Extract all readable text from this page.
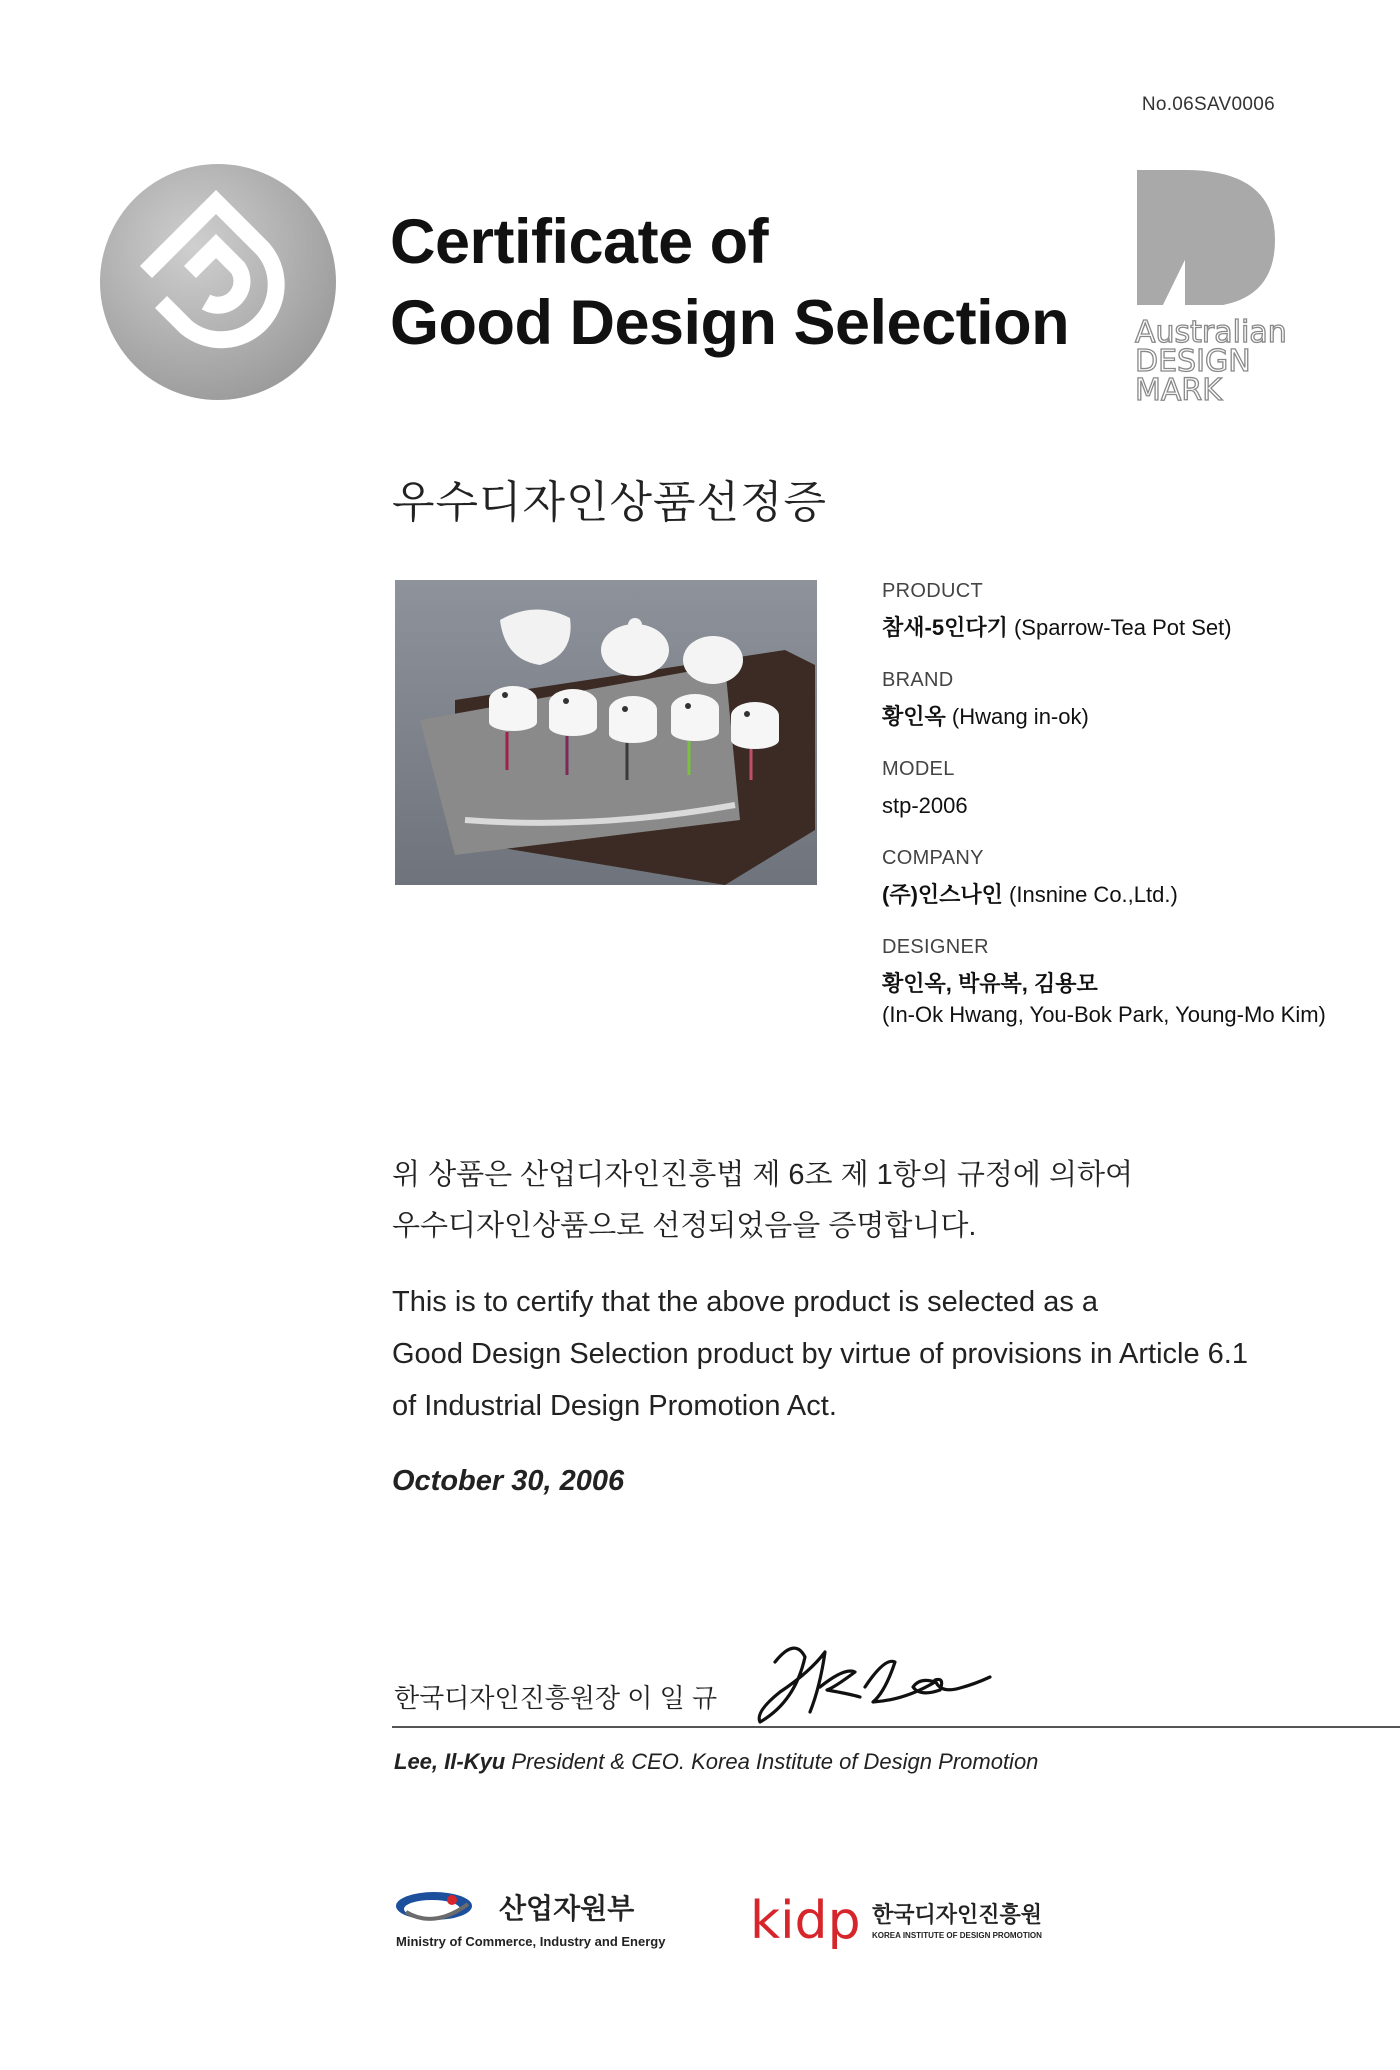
No.06SAV0006
Certificate of
Good Design Selection Australian
DESIGN
MARK
우수디자인상품선정증
PRODUCT
참새-5인다기 (Sparrow-Tea Pot Set)
BRAND
황인옥 (Hwang in-ok)
MODEL
stp-2006
COMPANY
(주)인스나인 (Insnine Co.,Ltd.)
DESIGNER
황인옥, 박유복, 김용모
(In-Ok Hwang, You-Bok Park, Young-Mo Kim)
위 상품은 산업디자인진흥법 제 6조 제 1항의 규정에 의하여
우수디자인상품으로 선정되었음을 증명합니다.
This is to certify that the above product is selected as a
Good Design Selection product by virtue of provisions in Article 6.1
of Industrial Design Promotion Act.
October 30, 2006
한국디자인진흥원장 이 일 규
Lee, Il-Kyu President & CEO. Korea Institute of Design Promotion
산업자원부
Ministry of Commerce, Industry and Energy kidp 한국디자인진흥원
KOREA INSTITUTE OF DESIGN PROMOTION
